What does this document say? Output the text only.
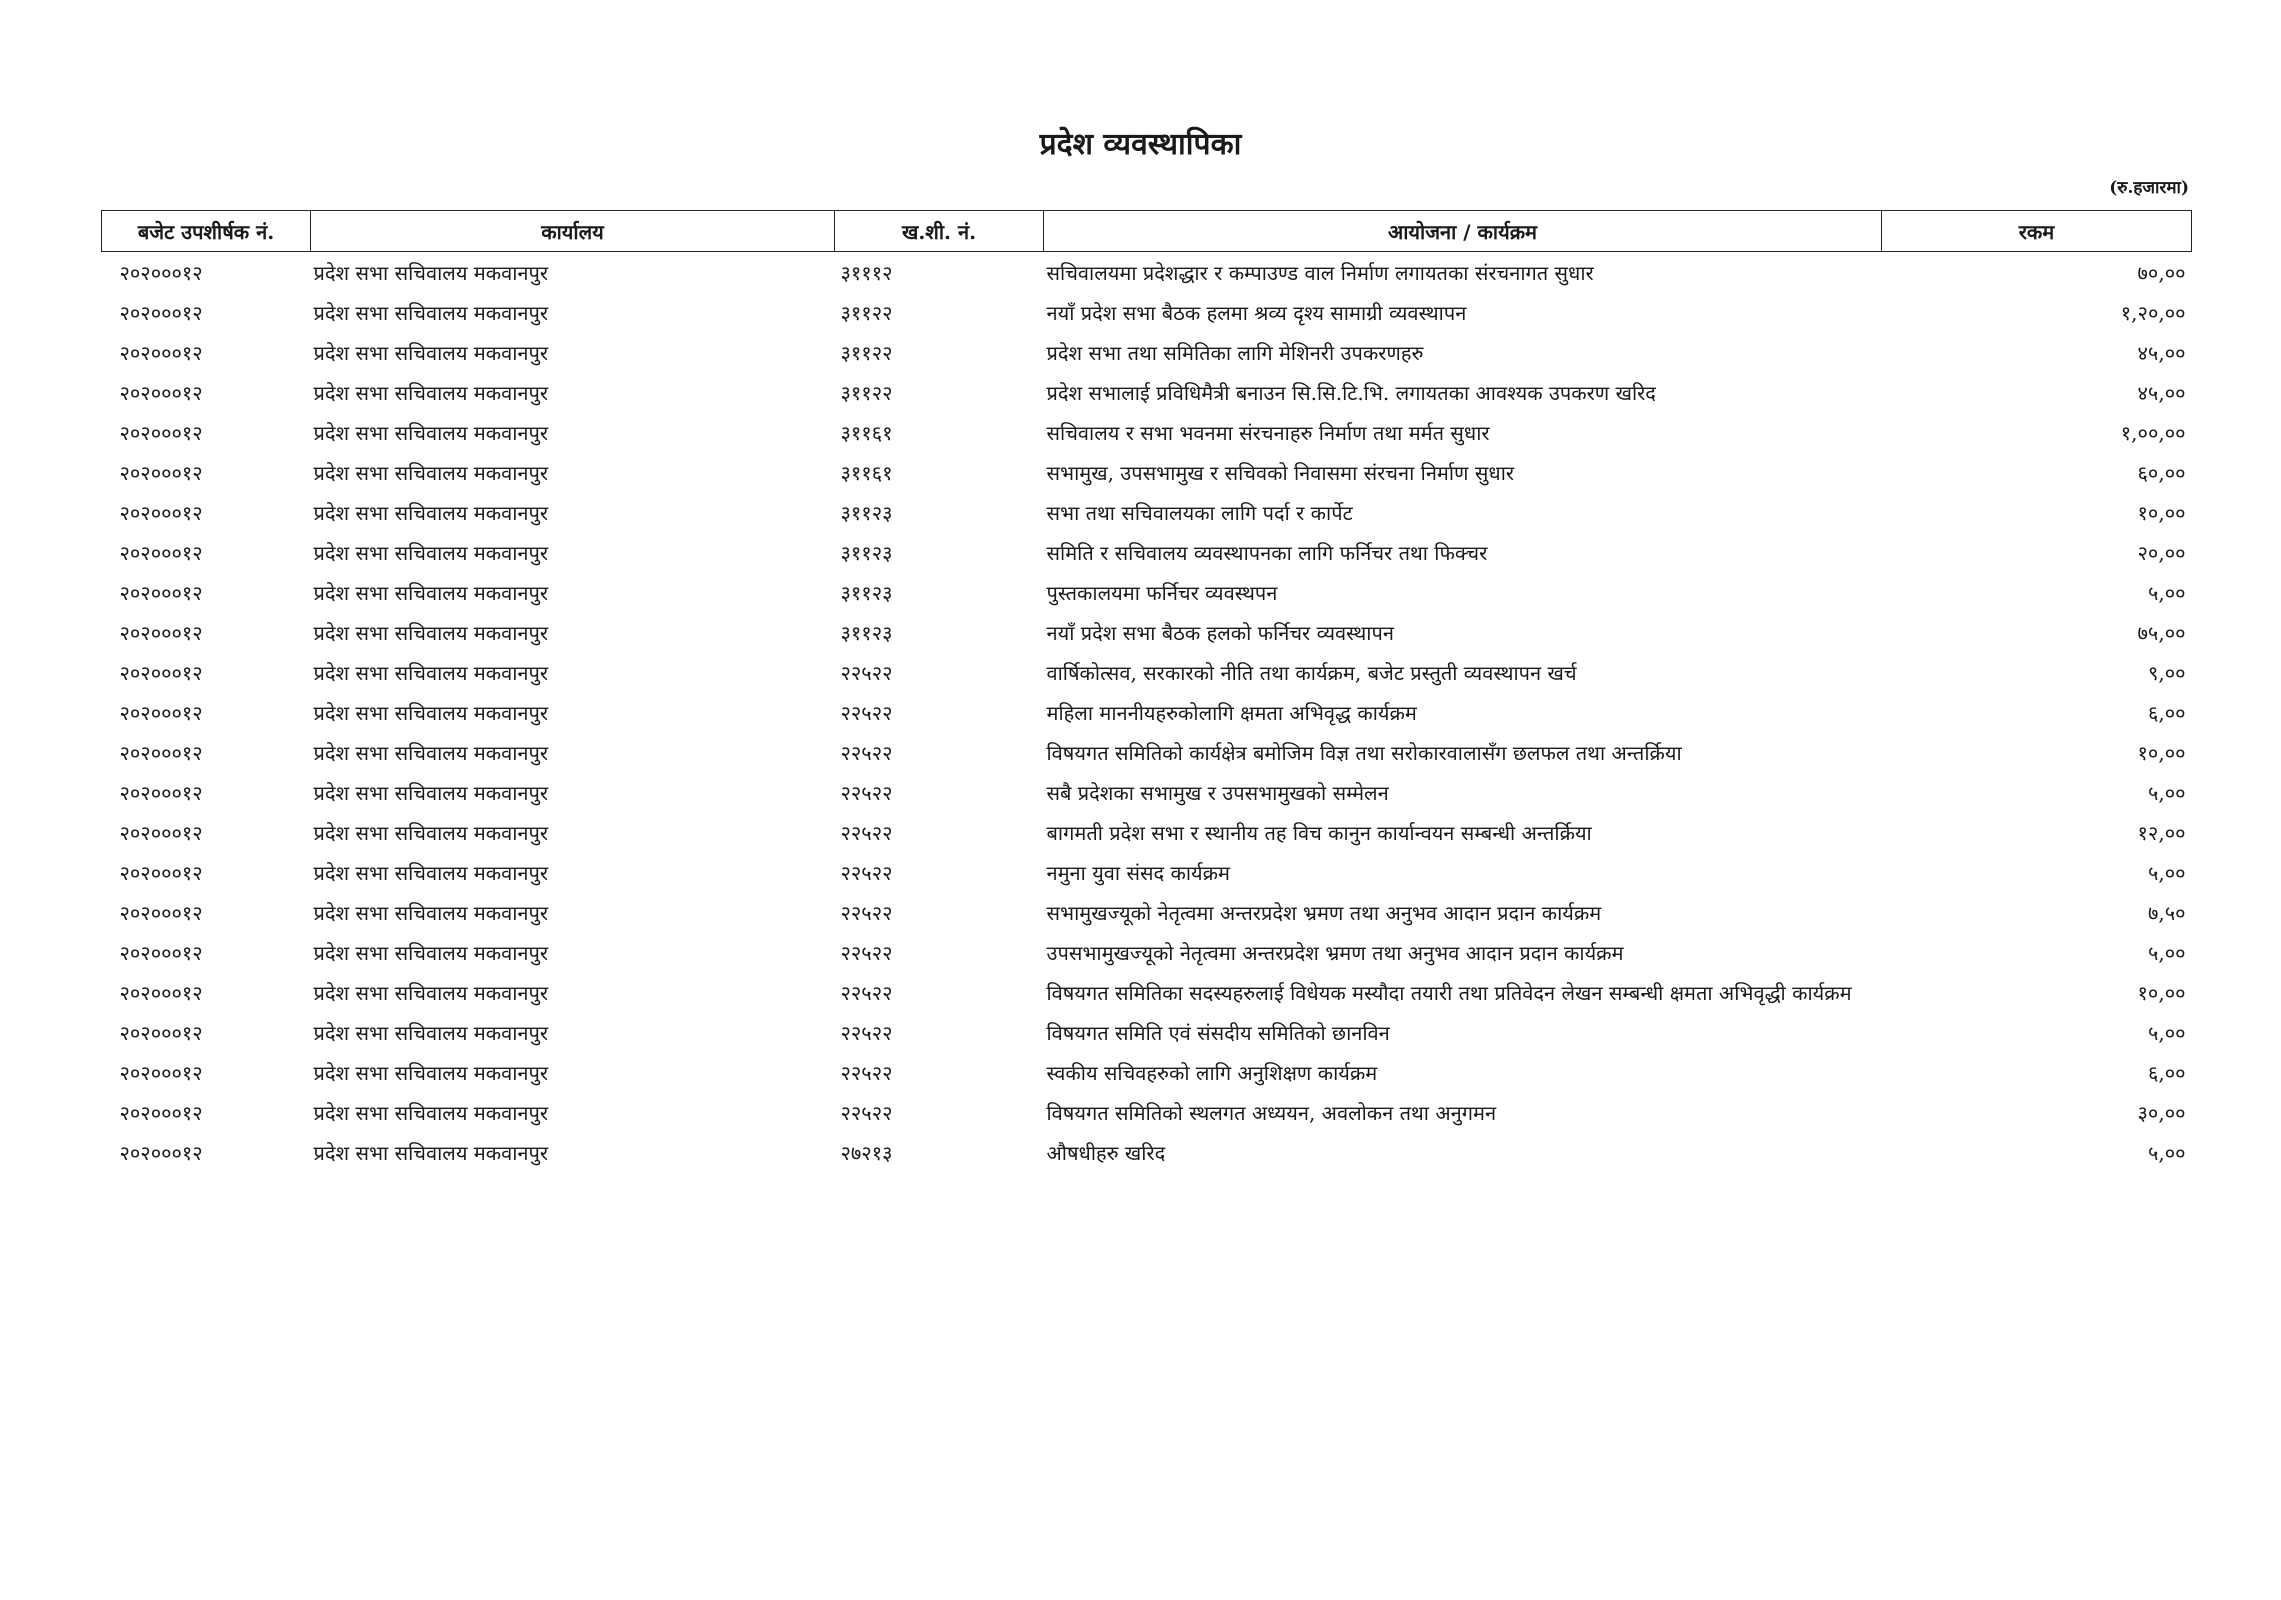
प्रदेश व्यवस्थापिका
(रु.हजारमा)
बजेट उपशीर्षक नं.	कार्यालय	ख.शी. नं.	आयोजना / कार्यक्रम	रकम
२०२०००१२	प्रदेश सभा सचिवालय मकवानपुर	३१११२	सचिवालयमा प्रदेशद्धार र कम्पाउण्ड वाल निर्माण लगायतका संरचनागत सुधार	७०,००
२०२०००१२	प्रदेश सभा सचिवालय मकवानपुर	३११२२	नयाँ प्रदेश सभा बैठक हलमा श्रव्य दृश्य सामाग्री व्यवस्थापन	१,२०,००
२०२०००१२	प्रदेश सभा सचिवालय मकवानपुर	३११२२	प्रदेश सभा तथा समितिका लागि मेशिनरी उपकरणहरु	४५,००
२०२०००१२	प्रदेश सभा सचिवालय मकवानपुर	३११२२	प्रदेश सभालाई प्रविधिमैत्री बनाउन सि.सि.टि.भि. लगायतका आवश्यक उपकरण खरिद	४५,००
२०२०००१२	प्रदेश सभा सचिवालय मकवानपुर	३११६१	सचिवालय र सभा भवनमा संरचनाहरु निर्माण तथा मर्मत सुधार	१,००,००
२०२०००१२	प्रदेश सभा सचिवालय मकवानपुर	३११६१	सभामुख, उपसभामुख र सचिवको निवासमा संरचना निर्माण सुधार	६०,००
२०२०००१२	प्रदेश सभा सचिवालय मकवानपुर	३११२३	सभा तथा सचिवालयका लागि पर्दा र कार्पेट	१०,००
२०२०००१२	प्रदेश सभा सचिवालय मकवानपुर	३११२३	समिति र सचिवालय व्यवस्थापनका लागि फर्निचर तथा फिक्चर	२०,००
२०२०००१२	प्रदेश सभा सचिवालय मकवानपुर	३११२३	पुस्तकालयमा फर्निचर व्यवस्थपन	५,००
२०२०००१२	प्रदेश सभा सचिवालय मकवानपुर	३११२३	नयाँ प्रदेश सभा बैठक हलको फर्निचर व्यवस्थापन	७५,००
२०२०००१२	प्रदेश सभा सचिवालय मकवानपुर	२२५२२	वार्षिकोत्सव, सरकारको नीति तथा कार्यक्रम, बजेट प्रस्तुती व्यवस्थापन खर्च	९,००
२०२०००१२	प्रदेश सभा सचिवालय मकवानपुर	२२५२२	महिला माननीयहरुकोलागि क्षमता अभिवृद्ध कार्यक्रम	६,००
२०२०००१२	प्रदेश सभा सचिवालय मकवानपुर	२२५२२	विषयगत समितिको कार्यक्षेत्र बमोजिम विज्ञ तथा सरोकारवालासँग छलफल तथा अन्तर्क्रिया	१०,००
२०२०००१२	प्रदेश सभा सचिवालय मकवानपुर	२२५२२	सबै प्रदेशका सभामुख र उपसभामुखको सम्मेलन	५,००
२०२०००१२	प्रदेश सभा सचिवालय मकवानपुर	२२५२२	बागमती प्रदेश सभा र स्थानीय तह विच कानुन कार्यान्वयन सम्बन्धी अन्तर्क्रिया	१२,००
२०२०००१२	प्रदेश सभा सचिवालय मकवानपुर	२२५२२	नमुना युवा संसद कार्यक्रम	५,००
२०२०००१२	प्रदेश सभा सचिवालय मकवानपुर	२२५२२	सभामुखज्यूको नेतृत्वमा अन्तरप्रदेश भ्रमण तथा अनुभव आदान प्रदान कार्यक्रम	७,५०
२०२०००१२	प्रदेश सभा सचिवालय मकवानपुर	२२५२२	उपसभामुखज्यूको नेतृत्वमा अन्तरप्रदेश भ्रमण तथा अनुभव आदान प्रदान कार्यक्रम	५,००
२०२०००१२	प्रदेश सभा सचिवालय मकवानपुर	२२५२२	विषयगत समितिका सदस्यहरुलाई विधेयक मस्यौदा तयारी तथा प्रतिवेदन लेखन सम्बन्धी क्षमता अभिवृद्धी कार्यक्रम	१०,००
२०२०००१२	प्रदेश सभा सचिवालय मकवानपुर	२२५२२	विषयगत समिति एवं संसदीय समितिको छानविन	५,००
२०२०००१२	प्रदेश सभा सचिवालय मकवानपुर	२२५२२	स्वकीय सचिवहरुको लागि अनुशिक्षण कार्यक्रम	६,००
२०२०००१२	प्रदेश सभा सचिवालय मकवानपुर	२२५२२	विषयगत समितिको स्थलगत अध्ययन, अवलोकन तथा अनुगमन	३०,००
२०२०००१२	प्रदेश सभा सचिवालय मकवानपुर	२७२१३	औषधीहरु खरिद	५,००
